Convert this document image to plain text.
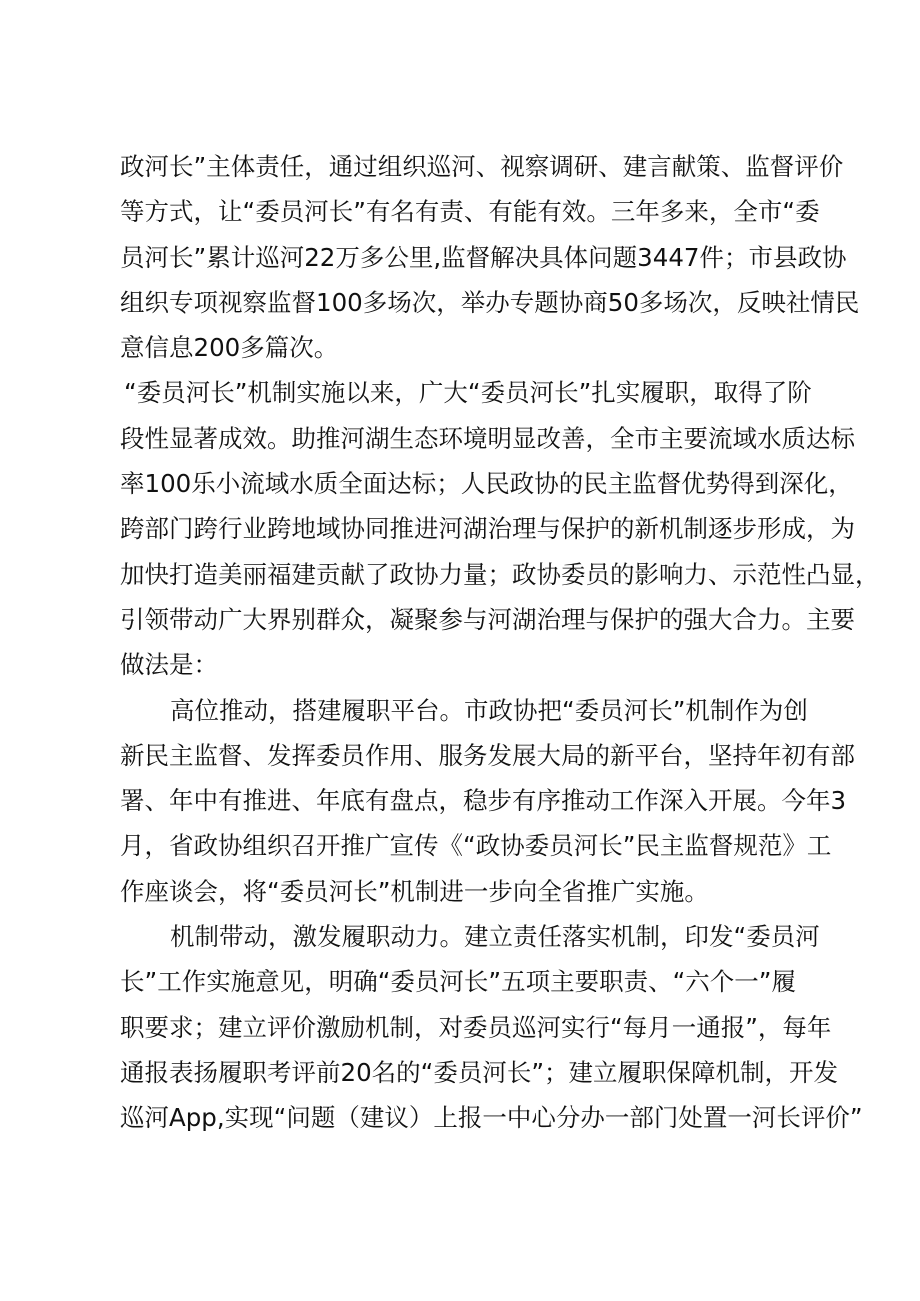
政河长”主体责任，通过组织巡河、视察调研、建言献策、监督评价
等方式，让“委员河长”有名有责、有能有效。三年多来，全市“委
员河长”累计巡河22万多公里,监督解决具体问题3447件；市县政协
组织专项视察监督100多场次，举办专题协商50多场次，反映社情民
意信息200多篇次。
“委员河长”机制实施以来，广大“委员河长”扎实履职，取得了阶
段性显著成效。助推河湖生态环境明显改善，全市主要流域水质达标
率100乐小流域水质全面达标；人民政协的民主监督优势得到深化，
跨部门跨行业跨地域协同推进河湖治理与保护的新机制逐步形成，为
加快打造美丽福建贡献了政协力量；政协委员的影响力、示范性凸显，
引领带动广大界别群众，凝聚参与河湖治理与保护的强大合力。主要
做法是：
高位推动，搭建履职平台。市政协把“委员河长”机制作为创
新民主监督、发挥委员作用、服务发展大局的新平台，坚持年初有部
署、年中有推进、年底有盘点，稳步有序推动工作深入开展。今年3
月，省政协组织召开推广宣传《“政协委员河长”民主监督规范》工
作座谈会，将“委员河长”机制进一步向全省推广实施。
机制带动，激发履职动力。建立责任落实机制，印发“委员河
长”工作实施意见，明确“委员河长”五项主要职责、“六个一”履
职要求；建立评价激励机制，对委员巡河实行“每月一通报”，每年
通报表扬履职考评前20名的“委员河长”；建立履职保障机制，开发
巡河App,实现“问题（建议）上报一中心分办一部门处置一河长评价”
